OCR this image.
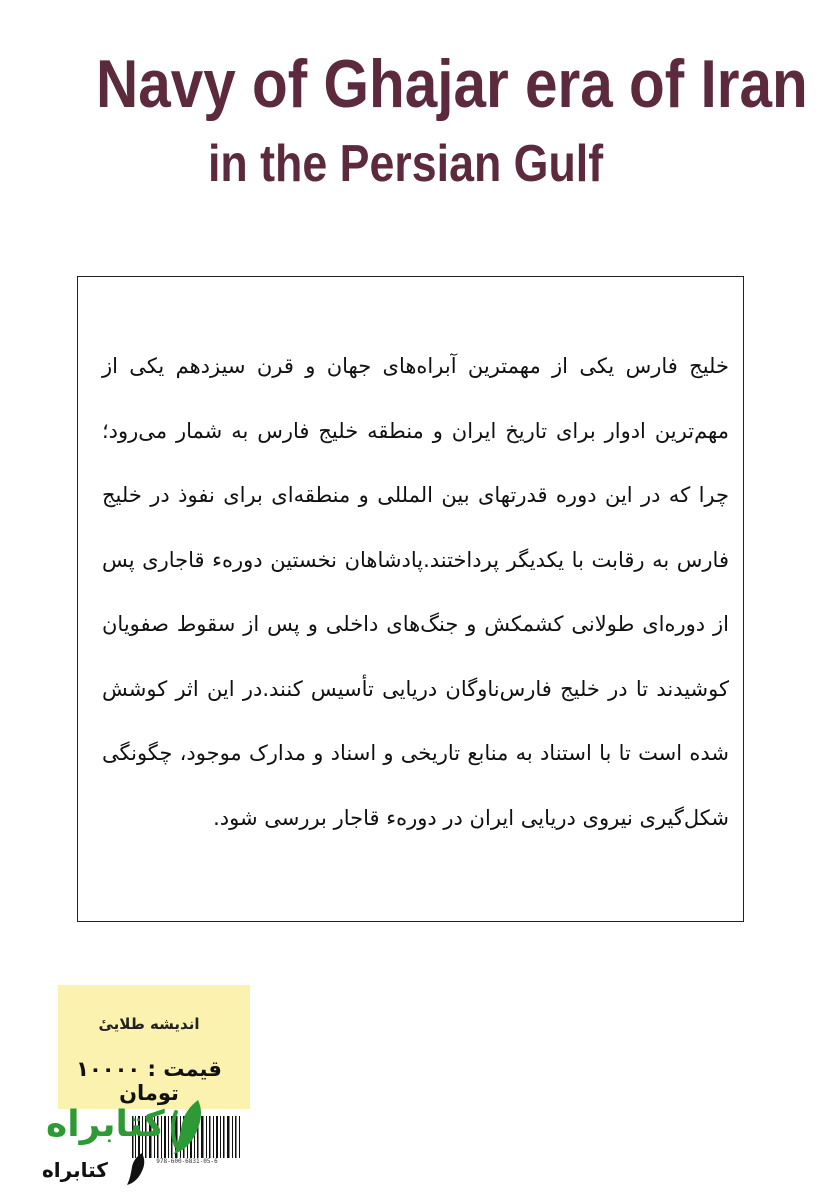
Navy of Ghajar era of Iran
in the Persian Gulf

خلیج فارس یکی از مهمترین آبراه‌های جهان و قرن سیزدهم یکی از مهم‌ترین ادوار برای تاریخ ایران و منطقه خلیج فارس به شمار می‌رود؛ چرا که در این دوره قدرتهای بین المللی و منطقه‌ای برای نفوذ در خلیج فارس به رقابت با یکدیگر پرداختند.پادشاهان نخستین دوره‌ء قاجاری پس از دوره‌ای طولانی کشمکش و جنگ‌های داخلی و پس از سقوط صفویان کوشیدند تا در خلیج فارس‌ناوگان دریایی تأسیس کنند.در این اثر کوشش شده است تا با استناد به منابع تاریخی و اسناد و مدارک موجود، چگونگی شکل‌گیری نیروی دریایی ایران در دوره‌ء قاجار بررسی شود.

اندیشه طلاییٔ
قیمت : ۱۰۰۰۰ تومان
978-600-6831-05-6
کتابراه
کتابراه
